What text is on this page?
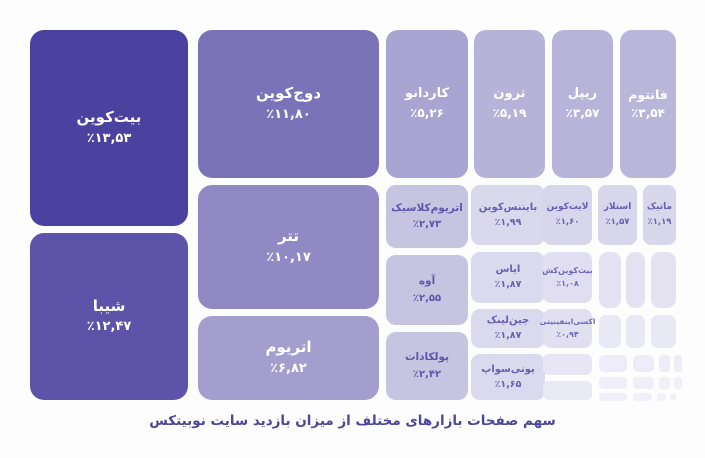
بیت‌کوین
٪۱۳,۵۳
شیبا
٪۱۲,۴۷
دوج‌کوین
٪۱۱,۸۰
تتر
٪۱۰,۱۷
اتریوم
٪۶,۸۲
کاردانو
٪۵,۲۶
ترون
٪۵,۱۹
ریپل
٪۳,۵۷
فانتوم
٪۳,۵۴
اتریوم‌کلاسیک
٪۲,۷۳
آوه
٪۲,۵۵
پولکادات
٪۲,۴۲
بایننس‌کوین
٪۱,۹۹
ایاس
٪۱,۸۷
چین‌لینک
٪۱,۸۷
یونی‌سواپ
٪۱,۶۵
لایت‌کوین
٪۱,۶۰
استلار
٪۱,۵۷
ماتیک
٪۱,۱۹
بیت‌کوین‌کش
٪۱,۰۸
اکسی‌اینفینیتی
٪۰,۹۴
سهم صفحات بازارهای مختلف از میزان بازدید سایت نوبیتکس
